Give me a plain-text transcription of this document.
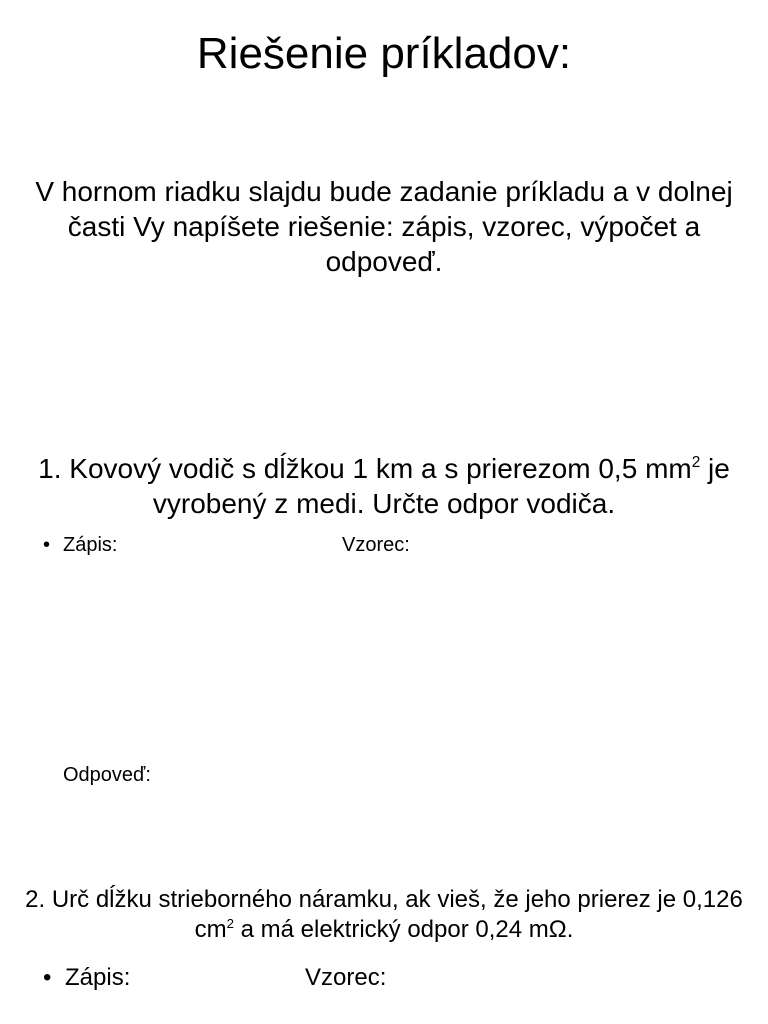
Riešenie príkladov:
V hornom riadku slajdu bude zadanie príkladu a v dolnej časti Vy napíšete riešenie: zápis, vzorec, výpočet a odpoveď.
1. Kovový vodič s dĺžkou 1 km a s prierezom 0,5 $mm^2$ je vyrobený z medi. Určte odpor vodiča.
• Zápis:	Vzorec:
Odpoveď:
2. Urč dĺžku strieborného náramku, ak vieš, že jeho prierez je 0,126 $cm^2$ a má elektrický odpor 0,24 mΩ.
• Zápis:	Vzorec:
